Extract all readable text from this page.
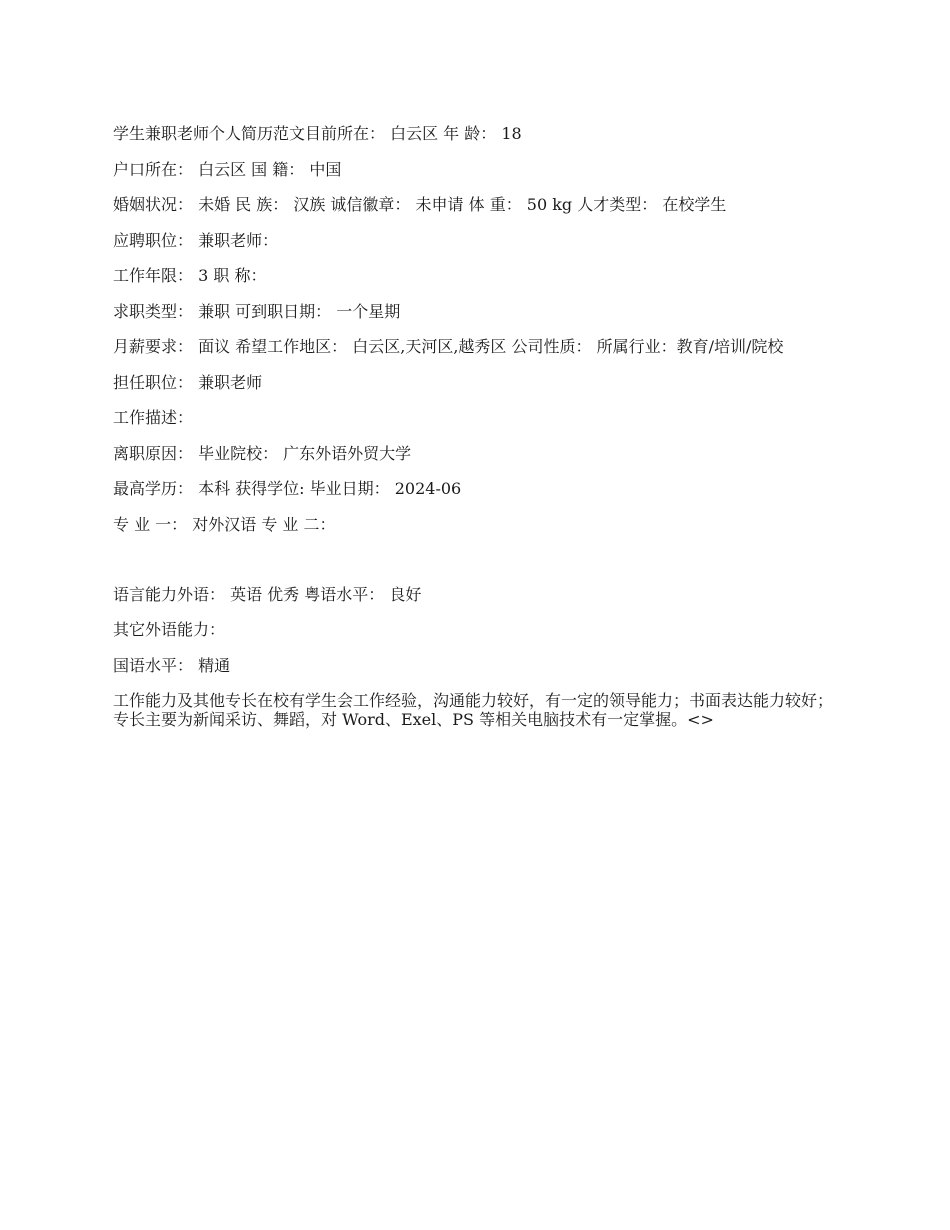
学生兼职老师个人简历范文目前所在： 白云区 年 龄： 18

户口所在： 白云区 国 籍： 中国

婚姻状况： 未婚 民 族： 汉族 诚信徽章： 未申请 体 重： 50 kg 人才类型： 在校学生

应聘职位： 兼职老师：

工作年限： 3 职 称：

求职类型： 兼职 可到职日期： 一个星期

月薪要求： 面议 希望工作地区： 白云区,天河区,越秀区 公司性质： 所属行业：教育/培训/院校

担任职位： 兼职老师

工作描述：

离职原因： 毕业院校： 广东外语外贸大学

最高学历： 本科 获得学位: 毕业日期： 2024-06

专 业 一： 对外汉语 专 业 二：

语言能力外语： 英语 优秀 粤语水平： 良好

其它外语能力：

国语水平： 精通

工作能力及其他专长在校有学生会工作经验，沟通能力较好，有一定的领导能力；书面表达能力较好；专长主要为新闻采访、舞蹈，对 Word、Exel、PS 等相关电脑技术有一定掌握。<>
